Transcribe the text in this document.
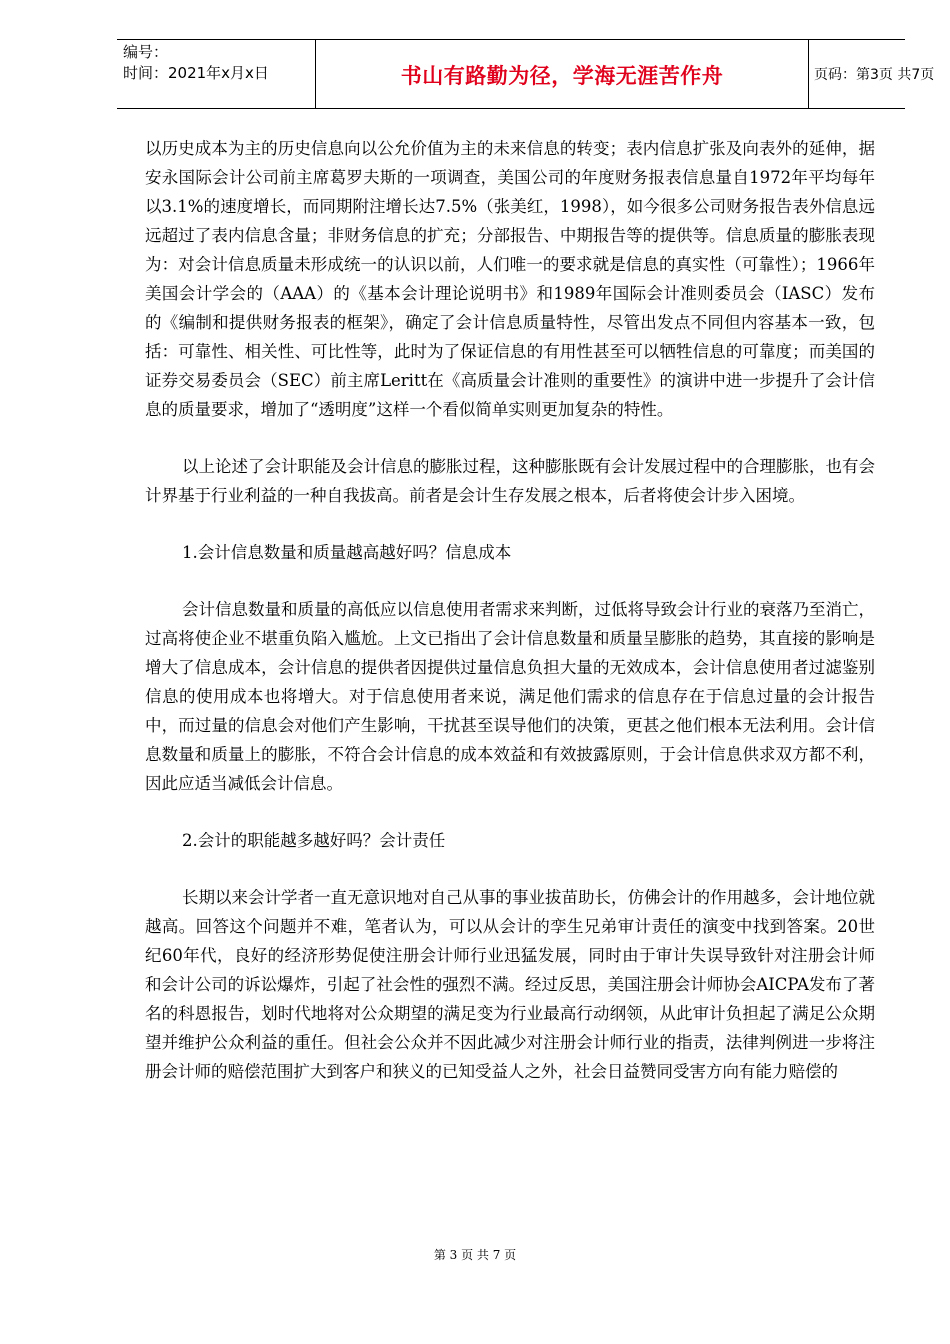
编号：
时间：2021年x月x日	书山有路勤为径，学海无涯苦作舟	页码：第3页 共7页

以历史成本为主的历史信息向以公允价值为主的未来信息的转变；表内信息扩张及向表外的延伸，据安永国际会计公司前主席葛罗夫斯的一项调查，美国公司的年度财务报表信息量自1972年平均每年以3.1%的速度增长，而同期附注增长达7.5%（张美红，1998），如今很多公司财务报告表外信息远远超过了表内信息含量；非财务信息的扩充；分部报告、中期报告等的提供等。信息质量的膨胀表现为：对会计信息质量未形成统一的认识以前，人们唯一的要求就是信息的真实性（可靠性）；1966年美国会计学会的（AAA）的《基本会计理论说明书》和1989年国际会计准则委员会（IASC）发布的《编制和提供财务报表的框架》，确定了会计信息质量特性，尽管出发点不同但内容基本一致，包括：可靠性、相关性、可比性等，此时为了保证信息的有用性甚至可以牺牲信息的可靠度；而美国的证券交易委员会（SEC）前主席Leritt在《高质量会计准则的重要性》的演讲中进一步提升了会计信息的质量要求，增加了“透明度”这样一个看似简单实则更加复杂的特性。

以上论述了会计职能及会计信息的膨胀过程，这种膨胀既有会计发展过程中的合理膨胀，也有会计界基于行业利益的一种自我拔高。前者是会计生存发展之根本，后者将使会计步入困境。

1.会计信息数量和质量越高越好吗？信息成本

会计信息数量和质量的高低应以信息使用者需求来判断，过低将导致会计行业的衰落乃至消亡，过高将使企业不堪重负陷入尴尬。上文已指出了会计信息数量和质量呈膨胀的趋势，其直接的影响是增大了信息成本，会计信息的提供者因提供过量信息负担大量的无效成本，会计信息使用者过滤鉴别信息的使用成本也将增大。对于信息使用者来说，满足他们需求的信息存在于信息过量的会计报告中，而过量的信息会对他们产生影响，干扰甚至误导他们的决策，更甚之他们根本无法利用。会计信息数量和质量上的膨胀，不符合会计信息的成本效益和有效披露原则，于会计信息供求双方都不利，因此应适当减低会计信息。

2.会计的职能越多越好吗？会计责任

长期以来会计学者一直无意识地对自己从事的事业拔苗助长，仿佛会计的作用越多，会计地位就越高。回答这个问题并不难，笔者认为，可以从会计的孪生兄弟审计责任的演变中找到答案。20世纪60年代，良好的经济形势促使注册会计师行业迅猛发展，同时由于审计失误导致针对注册会计师和会计公司的诉讼爆炸，引起了社会性的强烈不满。经过反思，美国注册会计师协会AICPA发布了著名的科恩报告，划时代地将对公众期望的满足变为行业最高行动纲领，从此审计负担起了满足公众期望并维护公众利益的重任。但社会公众并不因此减少对注册会计师行业的指责，法律判例进一步将注册会计师的赔偿范围扩大到客户和狭义的已知受益人之外，社会日益赞同受害方向有能力赔偿的

第 3 页 共 7 页
